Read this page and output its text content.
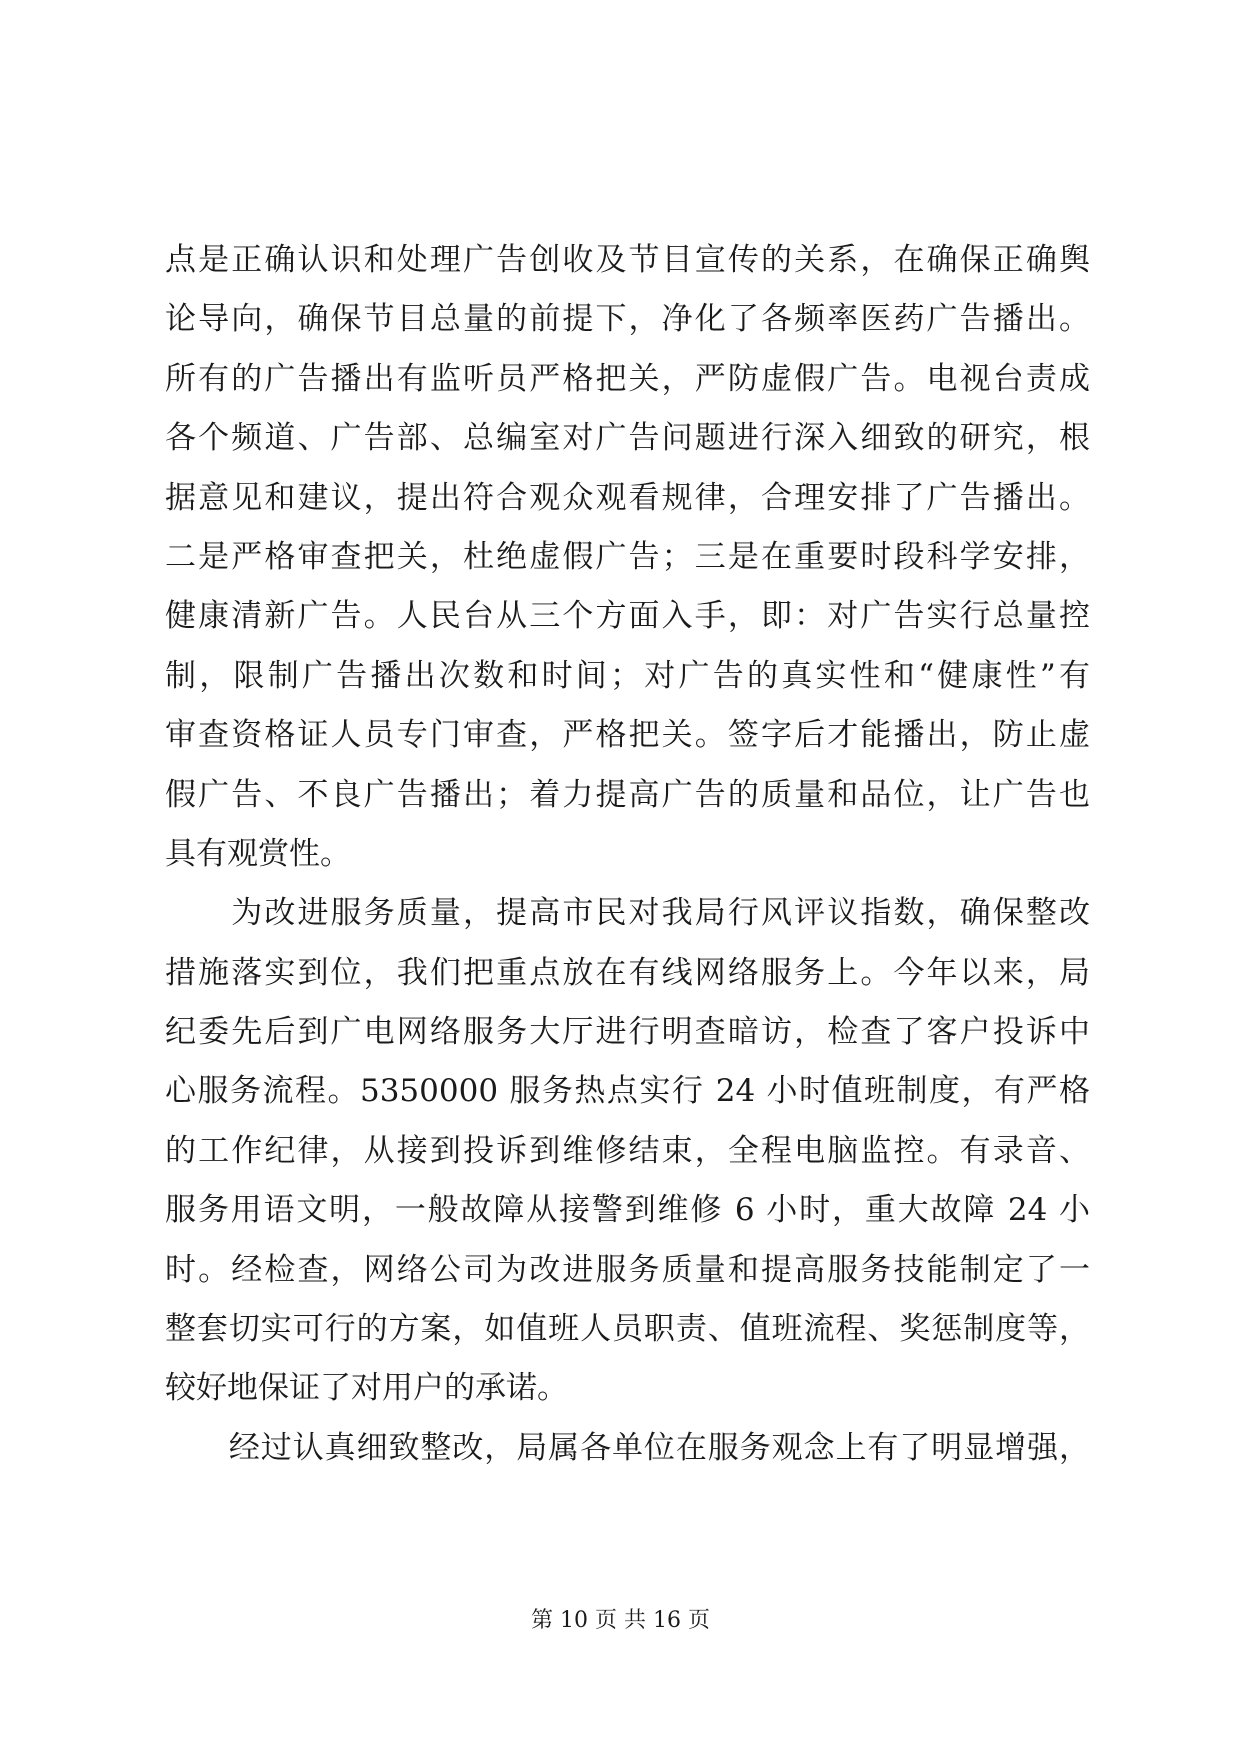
点是正确认识和处理广告创收及节目宣传的关系，在确保正确舆
论导向，确保节目总量的前提下，净化了各频率医药广告播出。
所有的广告播出有监听员严格把关，严防虚假广告。电视台责成
各个频道、广告部、总编室对广告问题进行深入细致的研究，根
据意见和建议，提出符合观众观看规律，合理安排了广告播出。
二是严格审查把关，杜绝虚假广告；三是在重要时段科学安排，
健康清新广告。人民台从三个方面入手，即：对广告实行总量控
制，限制广告播出次数和时间；对广告的真实性和“健康性”有
审查资格证人员专门审查，严格把关。签字后才能播出，防止虚
假广告、不良广告播出；着力提高广告的质量和品位，让广告也
具有观赏性。
　　为改进服务质量，提高市民对我局行风评议指数，确保整改
措施落实到位，我们把重点放在有线网络服务上。今年以来，局
纪委先后到广电网络服务大厅进行明查暗访，检查了客户投诉中
心服务流程。5350000 服务热点实行 24 小时值班制度，有严格
的工作纪律，从接到投诉到维修结束，全程电脑监控。有录音、
服务用语文明，一般故障从接警到维修 6 小时，重大故障 24 小
时。经检查，网络公司为改进服务质量和提高服务技能制定了一
整套切实可行的方案，如值班人员职责、值班流程、奖惩制度等，
较好地保证了对用户的承诺。
　　经过认真细致整改，局属各单位在服务观念上有了明显增强，
第 10 页 共 16 页
